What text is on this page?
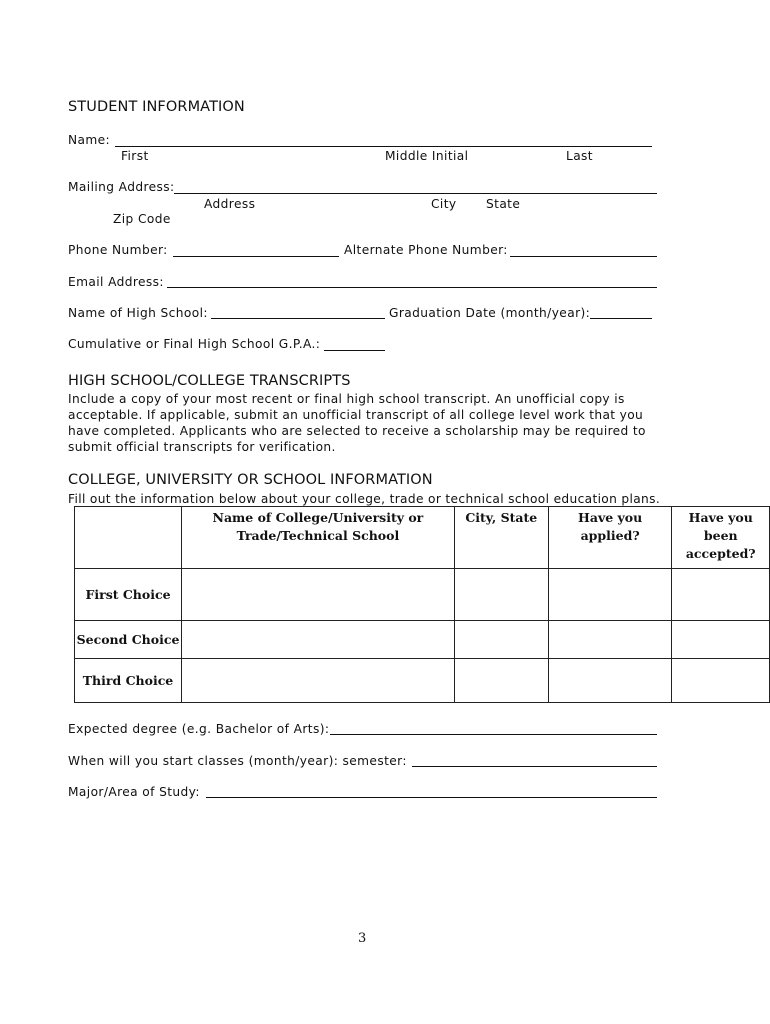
STUDENT INFORMATION
Name:
First	Middle Initial	Last
Mailing Address:
Address	City State
Zip Code
Phone Number:	Alternate Phone Number:
Email Address:
Name of High School:	Graduation Date (month/year):
Cumulative or Final High School G.P.A.:
HIGH SCHOOL/COLLEGE TRANSCRIPTS
Include a copy of your most recent or final high school transcript. An unofficial copy is
acceptable. If applicable, submit an unofficial transcript of all college level work that you
have completed. Applicants who are selected to receive a scholarship may be required to
submit official transcripts for verification.
COLLEGE, UNIVERSITY OR SCHOOL INFORMATION
Fill out the information below about your college, trade or technical school education plans.
	Name of College/University or Trade/Technical School	City, State	Have you applied?	Have you been accepted?
First Choice				
Second Choice				
Third Choice				
Expected degree (e.g. Bachelor of Arts):
When will you start classes (month/year): semester:
Major/Area of Study:
3
